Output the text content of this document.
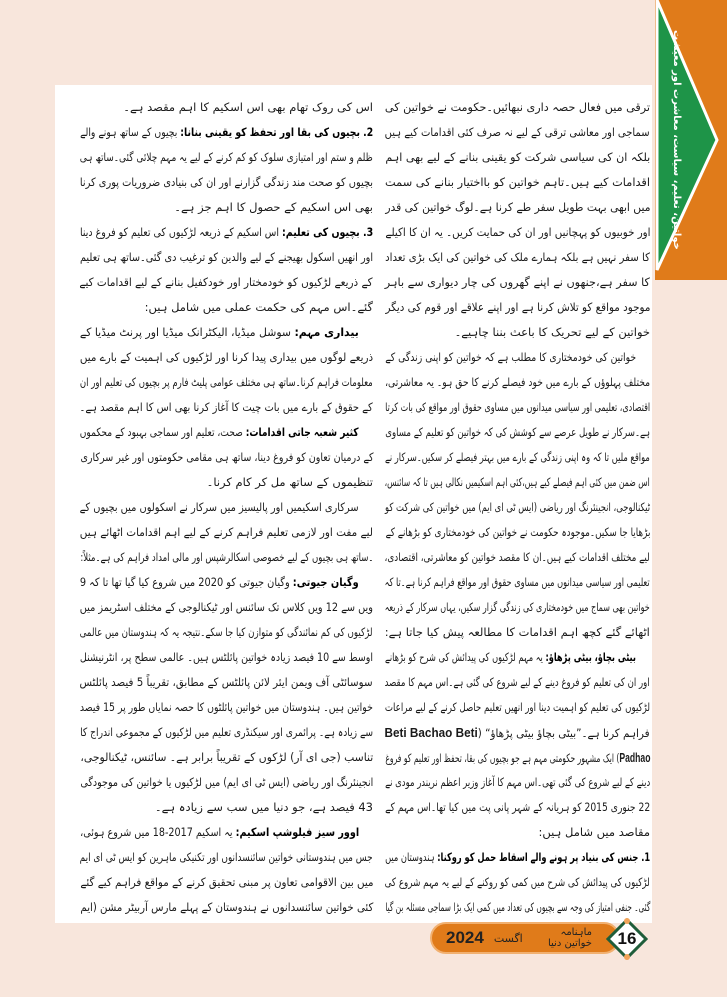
ترقی میں فعال حصہ داری نبھائیں۔حکومت نے خواتین کی
سماجی اور معاشی ترقی کے لیے نہ صرف کئی اقدامات کیے ہیں
بلکہ ان کی سیاسی شرکت کو یقینی بنانے کے لیے بھی اہم
اقدامات کیے ہیں۔تاہم خواتین کو بااختیار بنانے کی سمت
میں ابھی بہت طویل سفر طے کرنا ہے۔لوگ خواتین کی قدر
اور خوبیوں کو پہچانیں اور ان کی حمایت کریں۔ یہ ان کا اکیلے
کا سفر نہیں ہے بلکہ ہمارے ملک کی خواتین کی ایک بڑی تعداد
کا سفر ہے،جنھوں نے اپنے گھروں کی چار دیواری سے باہر
موجود مواقع کو تلاش کرنا ہے اور اپنے علاقے اور قوم کی دیگر
خواتین کے لیے تحریک کا باعث بننا چاہیے۔
خواتین کی خودمختاری کا مطلب ہے کہ خواتین کو اپنی زندگی کے
مختلف پہلوؤں کے بارے میں خود فیصلے کرنے کا حق ہو۔ یہ معاشرتی،
اقتصادی، تعلیمی اور سیاسی میدانوں میں مساوی حقوق اور مواقع کی بات کرتا
ہے۔سرکار نے طویل عرصے سے کوشش کی کہ خواتین کو تعلیم کے مساوی
مواقع ملیں تا کہ وہ اپنی زندگی کے بارے میں بہتر فیصلے کر سکیں۔سرکار نے
اس ضمن میں کئی اہم فیصلے کیے ہیں،کئی اہم اسکیمیں نکالی ہیں تا کہ سائنس،
ٹیکنالوجی، انجینئرنگ اور ریاضی (ایس ٹی ای ایم) میں خواتین کی شرکت کو
بڑھایا جا سکیں۔موجودہ حکومت نے خواتین کی خودمختاری کو بڑھانے کے
لیے مختلف اقدامات کیے ہیں۔ان کا مقصد خواتین کو معاشرتی، اقتصادی،
تعلیمی اور سیاسی میدانوں میں مساوی حقوق اور مواقع فراہم کرنا ہے۔تا کہ
خواتین بھی سماج میں خودمختاری کی زندگی گزار سکیں، یہاں سرکار کے ذریعہ
اٹھائے گئے کچھ اہم اقدامات کا مطالعہ پیش کیا جاتا ہے:
بیٹی بچاؤ، بیٹی پڑھاؤ: یہ مہم لڑکیوں کی پیدائش کی شرح کو بڑھانے
اور ان کی تعلیم کو فروغ دینے کے لیے شروع کی گئی ہے۔اس مہم کا مقصد
لڑکیوں کی تعلیم کو اہمیت دینا اور انھیں تعلیم حاصل کرنے کے لیے مراعات
فراہم کرنا ہے۔”بیٹی بچاؤ بیٹی پڑھاؤ“ (Beti Bachao Beti
Padhao) ایک مشہور حکومتی مہم ہے جو بچیوں کی بقا، تحفظ اور تعلیم کو فروغ
دینے کے لیے شروع کی گئی تھی۔اس مہم کا آغاز وزیر اعظم نریندر مودی نے
22 جنوری 2015 کو ہریانہ کے شہر پانی پت میں کیا تھا۔اس مہم کے
مقاصد میں شامل ہیں:
1. جنس کی بنیاد پر ہونے والے اسقاط حمل کو روکنا: ہندوستان میں
لڑکیوں کی پیدائش کی شرح میں کمی کو روکنے کے لیے یہ مہم شروع کی
گئی۔ جنفی امتیاز کی وجہ سے بچیوں کی تعداد میں کمی ایک بڑا سماجی مسئلہ بن گیا
اس کی روک تھام بھی اس اسکیم کا اہم مقصد ہے۔
2. بچیوں کی بقا اور تحفظ کو یقینی بنانا: بچیوں کے ساتھ ہونے والے
ظلم و ستم اور امتیازی سلوک کو کم کرنے کے لیے یہ مہم چلائی گئی۔ساتھ ہی
بچیوں کو صحت مند زندگی گزارنے اور ان کی بنیادی ضروریات پوری کرنا
بھی اس اسکیم کے حصول کا اہم جز ہے۔
3. بچیوں کی تعلیم: اس اسکیم کے ذریعہ لڑکیوں کی تعلیم کو فروغ دینا
اور انھیں اسکول بھیجنے کے لیے والدین کو ترغیب دی گئی۔ساتھ ہی تعلیم
کے ذریعے لڑکیوں کو خودمختار اور خودکفیل بنانے کے لیے اقدامات کیے
گئے۔اس مہم کی حکمت عملی میں شامل ہیں:
بیداری مہم: سوشل میڈیا، الیکٹرانک میڈیا اور پرنٹ میڈیا کے
ذریعے لوگوں میں بیداری پیدا کرنا اور لڑکیوں کی اہمیت کے بارے میں
معلومات فراہم کرنا۔ساتھ ہی مختلف عوامی پلیٹ فارم پر بچیوں کی تعلیم اور ان
کے حقوق کے بارے میں بات چیت کا آغاز کرنا بھی اس کا اہم مقصد ہے۔
کثیر شعبہ جاتی اقدامات: صحت، تعلیم اور سماجی بہبود کے محکموں
کے درمیان تعاون کو فروغ دینا، ساتھ ہی مقامی حکومتوں اور غیر سرکاری
تنظیموں کے ساتھ مل کر کام کرنا۔
سرکاری اسکیمیں اور پالیسیز میں سرکار نے اسکولوں میں بچیوں کے
لیے مفت اور لازمی تعلیم فراہم کرنے کے لیے اہم اقدامات اٹھائے ہیں
۔ساتھ ہی بچیوں کے لیے خصوصی اسکالرشپس اور مالی امداد فراہم کی ہے۔مثلاً:
وگیان جیوتی: وگیان جیوتی کو 2020 میں شروع کیا گیا تھا تا کہ 9
ویں سے 12 ویں کلاس تک سائنس اور ٹیکنالوجی کے مختلف اسٹریمز میں
لڑکیوں کی کم نمائندگی کو متوازن کیا جا سکے۔نتیجہ یہ کہ ہندوستان میں عالمی
اوسط سے 10 فیصد زیادہ خواتین پائلٹس ہیں۔ عالمی سطح پر، انٹرنیشنل
سوسائٹی آف ویمن ایئر لائن پائلٹس کے مطابق، تقریباً 5 فیصد پائلٹس
خواتین ہیں۔ ہندوستان میں خواتین پائلٹوں کا حصہ نمایاں طور پر 15 فیصد
سے زیادہ ہے۔ پرائمری اور سیکنڈری تعلیم میں لڑکیوں کے مجموعی اندراج کا
تناسب (جی ای آر) لڑکوں کے تقریباً برابر ہے۔ سائنس، ٹیکنالوجی،
انجینئرنگ اور ریاضی (ایس ٹی ای ایم) میں لڑکیوں یا خواتین کی موجودگی
43 فیصد ہے، جو دنیا میں سب سے زیادہ ہے۔
اوور سیز فیلوشپ اسکیم: یہ اسکیم 2017-18 میں شروع ہوئی،
جس میں ہندوستانی خواتین سائنسدانوں اور تکنیکی ماہرین کو ایس ٹی ای ایم
میں بین الاقوامی تعاون پر مبنی تحقیق کرنے کے مواقع فراہم کیے گئے
کئی خواتین سائنسدانوں نے ہندوستان کے پہلے مارس آربیٹر مشن (ایم
خواتین، تعلیم، سیاست، معاشرت اور معیشت
2024	ماہنامہ خواتین دنیا
اگست	16
